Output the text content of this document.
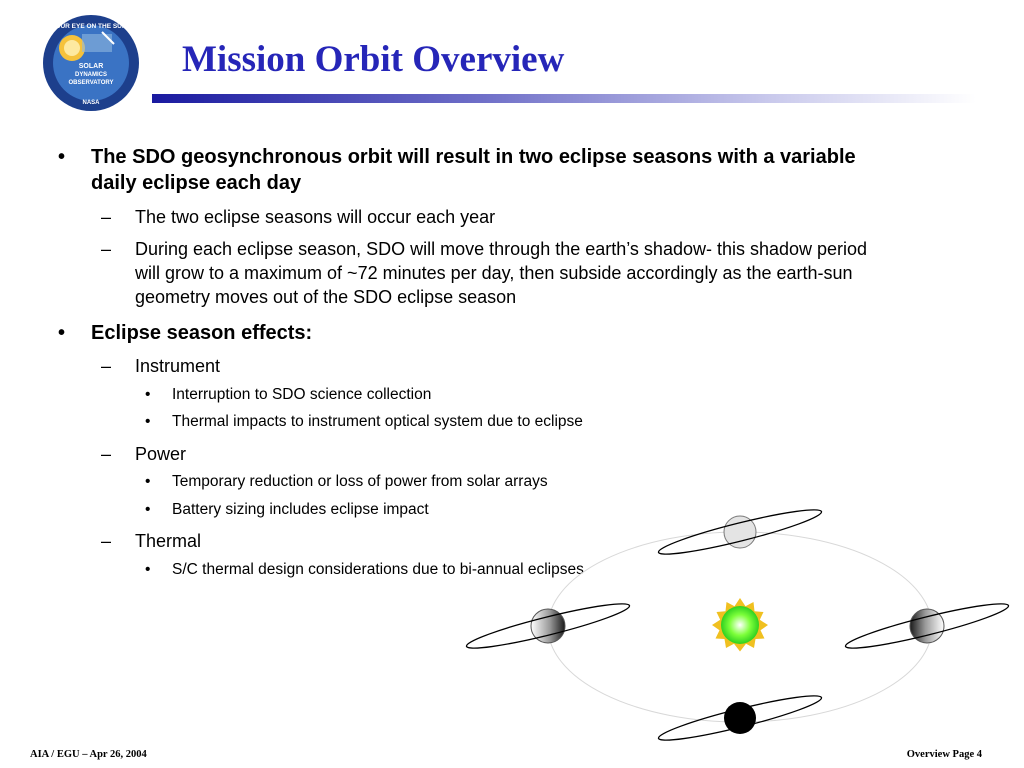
OUR EYE ON THE SUN
SOLAR
DYNAMICS
OBSERVATORY
NASA
Mission Orbit Overview
• The SDO geosynchronous orbit will result in two eclipse seasons with a variable
daily eclipse each day
– The two eclipse seasons will occur each year
– During each eclipse season, SDO will move through the earth’s shadow- this shadow period
will grow to a maximum of ~72 minutes per day, then subside accordingly as the earth-sun
geometry moves out of the SDO eclipse season
• Eclipse season effects:
– Instrument
• Interruption to SDO science collection
• Thermal impacts to instrument optical system due to eclipse
– Power
• Temporary reduction or loss of power from solar arrays
• Battery sizing includes eclipse impact
– Thermal
• S/C thermal design considerations due to bi-annual eclipses
AIA / EGU – Apr 26, 2004	Overview Page 4
